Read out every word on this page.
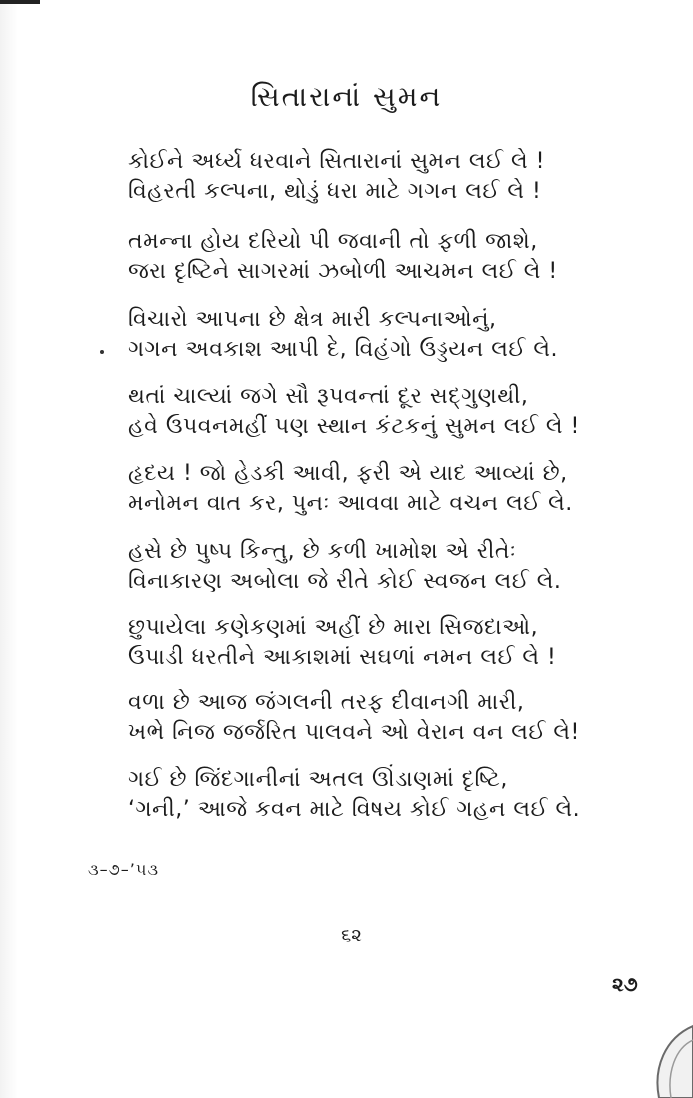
સિતારાનાં સુમન
કોઈને અર્ધ્ય ધરવાને સિતારાનાં સુમન લઈ લે !
વિહરતી કલ્પના, થોડું ધરા માટે ગગન લઈ લે !
તમન્ના હોય દરિયો પી જવાની તો ફળી જાશે,
જરા દૃષ્ટિને સાગરમાં ઝબોળી આચમન લઈ લે !
વિચારો આપના છે ક્ષેત્ર મારી કલ્પનાઓનું,
ગગન અવકાશ આપી દે, વિહંગો ઉડ્ડયન લઈ લે.
થતાં ચાલ્યાં જગે સૌ રૂપવન્તાં દૂર સદ્ગુણથી,
હવે ઉપવનમહીં પણ સ્થાન કંટકનું સુમન લઈ લે !
હૃદય ! જો હેડકી આવી, ફરી એ યાદ આવ્યાં છે,
મનોમન વાત કર, પુનઃ આવવા માટે વચન લઈ લે.
હસે છે પુષ્પ કિન્તુ, છે કળી ખામોશ એ રીતેઃ
વિનાકારણ અબોલા જે રીતે કોઈ સ્વજન લઈ લે.
છુપાયેલા કણેકણમાં અહીં છે મારા સિજદાઓ,
ઉપાડી ધરતીને આકાશમાં સઘળાં નમન લઈ લે !
વળા છે આજ જંગલની તરફ દીવાનગી મારી,
ખભે નિજ જર્જરિત પાલવને ઓ વેરાન વન લઈ લે!
ગઈ છે જિંદગાનીનાં અતલ ઊંડાણમાં દૃષ્ટિ,
‘ગની,’ આજે કવન માટે વિષય કોઈ ગહન લઈ લે.
૩–૭–’૫૩
૬૨
૨૭
